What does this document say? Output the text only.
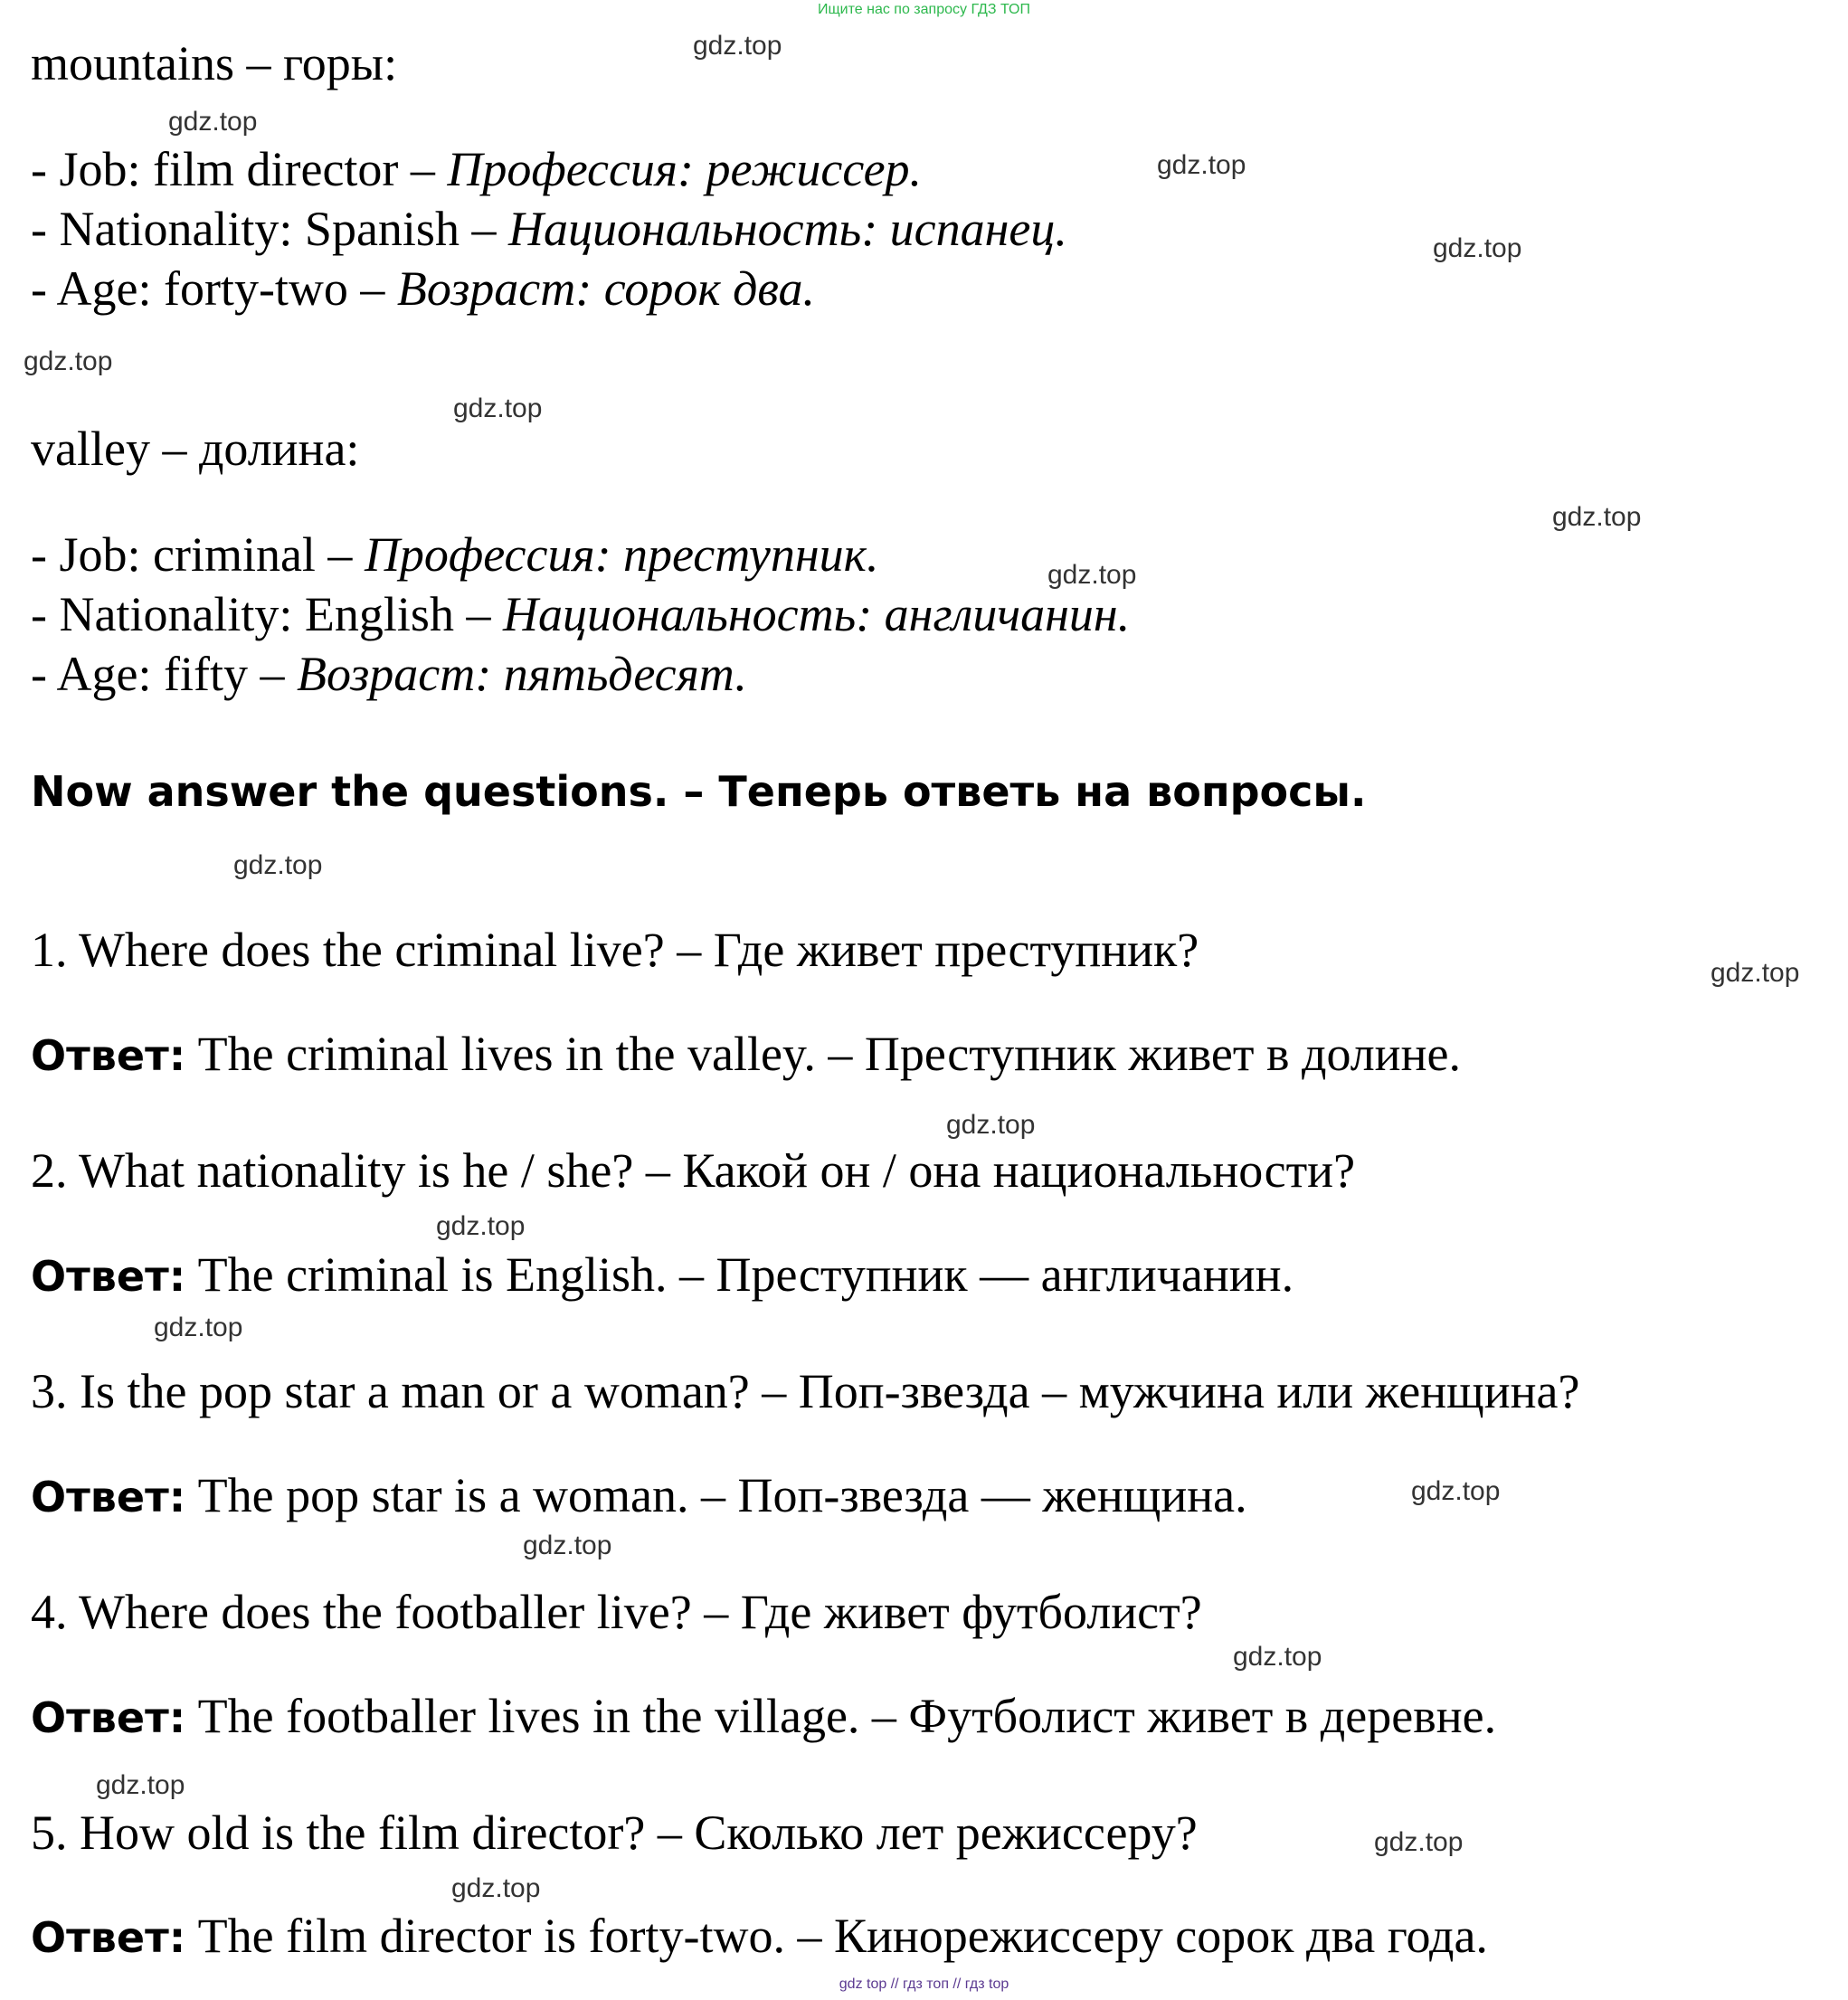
Ищите нас по запросу ГДЗ ТОП
mountains – горы:
- Job: film director – Профессия: режиссер.
- Nationality: Spanish – Национальность: испанец.
- Age: forty-two – Возраст: сорок два.
valley – долина:
- Job: criminal – Профессия: преступник.
- Nationality: English – Национальность: англичанин.
- Age: fifty – Возраст: пятьдесят.
Now answer the questions. – Теперь ответь на вопросы.
1. Where does the criminal live? – Где живет преступник?
Ответ: The criminal lives in the valley. – Преступник живет в долине.
2. What nationality is he / she? – Какой он / она национальности?
Ответ: The criminal is English. – Преступник — англичанин.
3. Is the pop star a man or a woman? – Поп-звезда – мужчина или женщина?
Ответ: The pop star is a woman. – Поп-звезда — женщина.
4. Where does the footballer live? – Где живет футболист?
Ответ: The footballer lives in the village. – Футболист живет в деревне.
5. How old is the film director? – Сколько лет режиссеру?
Ответ: The film director is forty-two. – Кинорежиссеру сорок два года.
gdz.top
gdz.top
gdz.top
gdz.top
gdz.top
gdz.top
gdz.top
gdz.top
gdz.top
gdz.top
gdz.top
gdz.top
gdz.top
gdz.top
gdz.top
gdz.top
gdz.top
gdz.top
gdz.top
gdz top // гдз топ // гдз top
